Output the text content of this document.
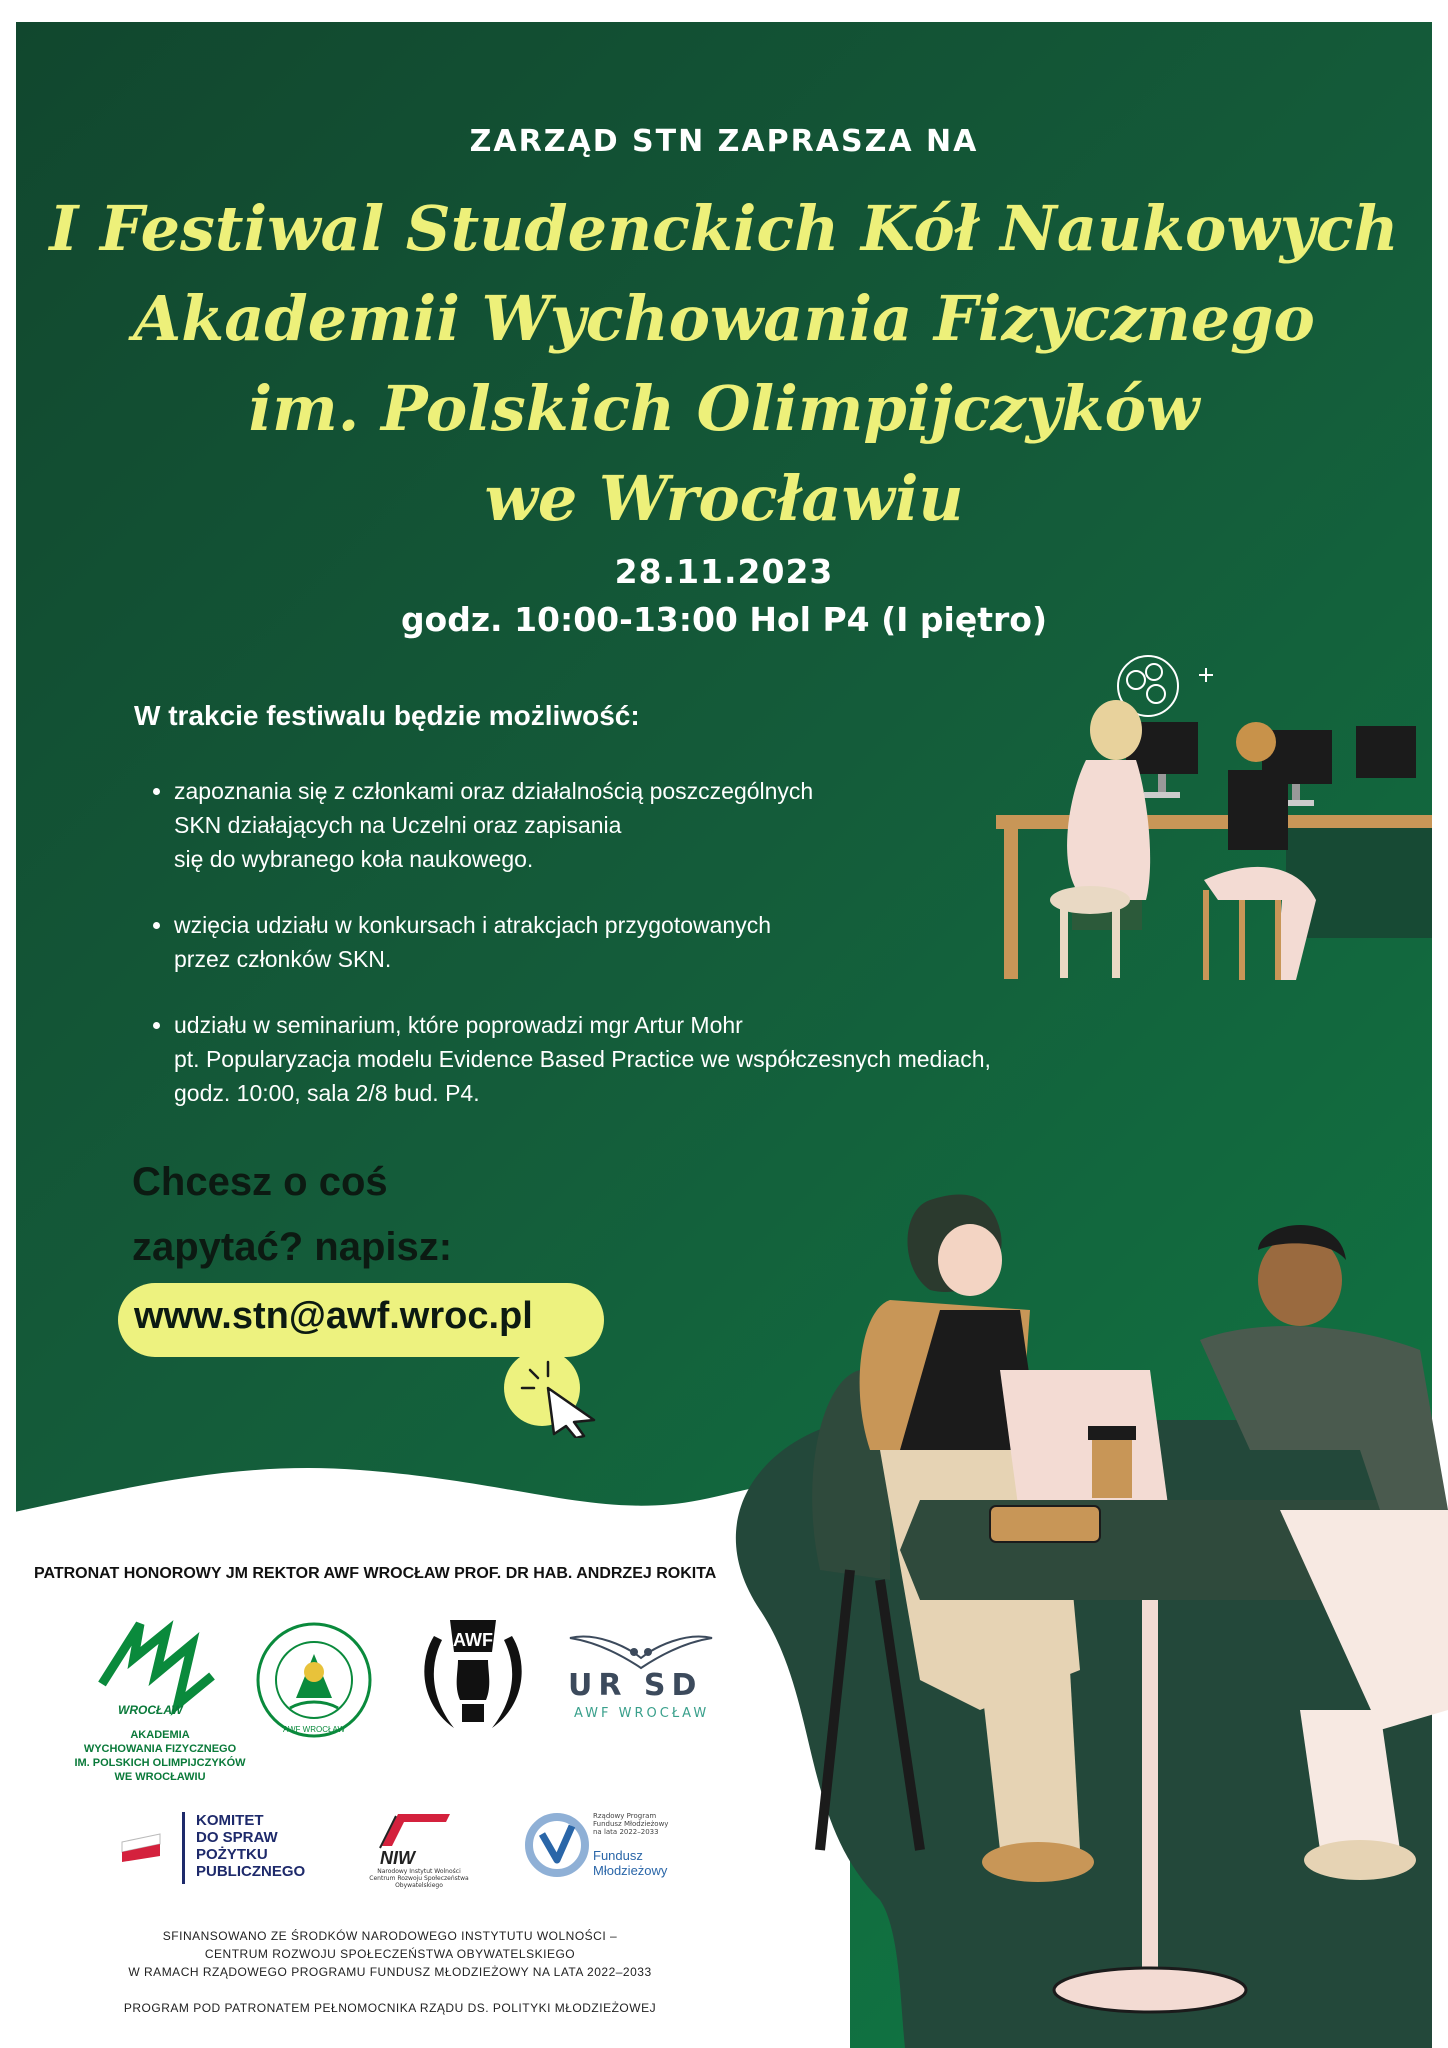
ZARZĄD STN ZAPRASZA NA
I Festiwal Studenckich Kół Naukowych
Akademii Wychowania Fizycznego
im. Polskich Olimpijczyków
we Wrocławiu
28.11.2023
godz. 10:00-13:00 Hol P4 (I piętro)
W trakcie festiwalu będzie możliwość:
• zapoznania się z członkami oraz działalnością poszczególnych
SKN działających na Uczelni oraz zapisania
się do wybranego koła naukowego.
• wzięcia udziału w konkursach i atrakcjach przygotowanych
przez członków SKN.
• udziału w seminarium, które poprowadzi mgr Artur Mohr
pt. Popularyzacja modelu Evidence Based Practice we współczesnych mediach,
godz. 10:00, sala 2/8 bud. P4.
Chcesz o coś
zapytać? napisz:
www.stn@awf.wroc.pl
PATRONAT HONOROWY JM REKTOR AWF WROCŁAW PROF. DR HAB. ANDRZEJ ROKITA
WROCŁAW
AKADEMIA
WYCHOWANIA FIZYCZNEGO
IM. POLSKICH OLIMPIJCZYKÓW
WE WROCŁAWIU
AWF WROCŁAW
AWF
UR SD
AWF WROCŁAW
KOMITET
DO SPRAW
POŻYTKU
PUBLICZNEGO
NIW
Narodowy Instytut Wolności
Centrum Rozwoju Społeczeństwa Obywatelskiego
Rządowy Program
Fundusz Młodzieżowy
na lata 2022–2033
Fundusz
Młodzieżowy
SFINANSOWANO ZE ŚRODKÓW NARODOWEGO INSTYTUTU WOLNOŚCI –
CENTRUM ROZWOJU SPOŁECZEŃSTWA OBYWATELSKIEGO
W RAMACH RZĄDOWEGO PROGRAMU FUNDUSZ MŁODZIEŻOWY NA LATA 2022–2033
PROGRAM POD PATRONATEM PEŁNOMOCNIKA RZĄDU DS. POLITYKI MŁODZIEŻOWEJ
